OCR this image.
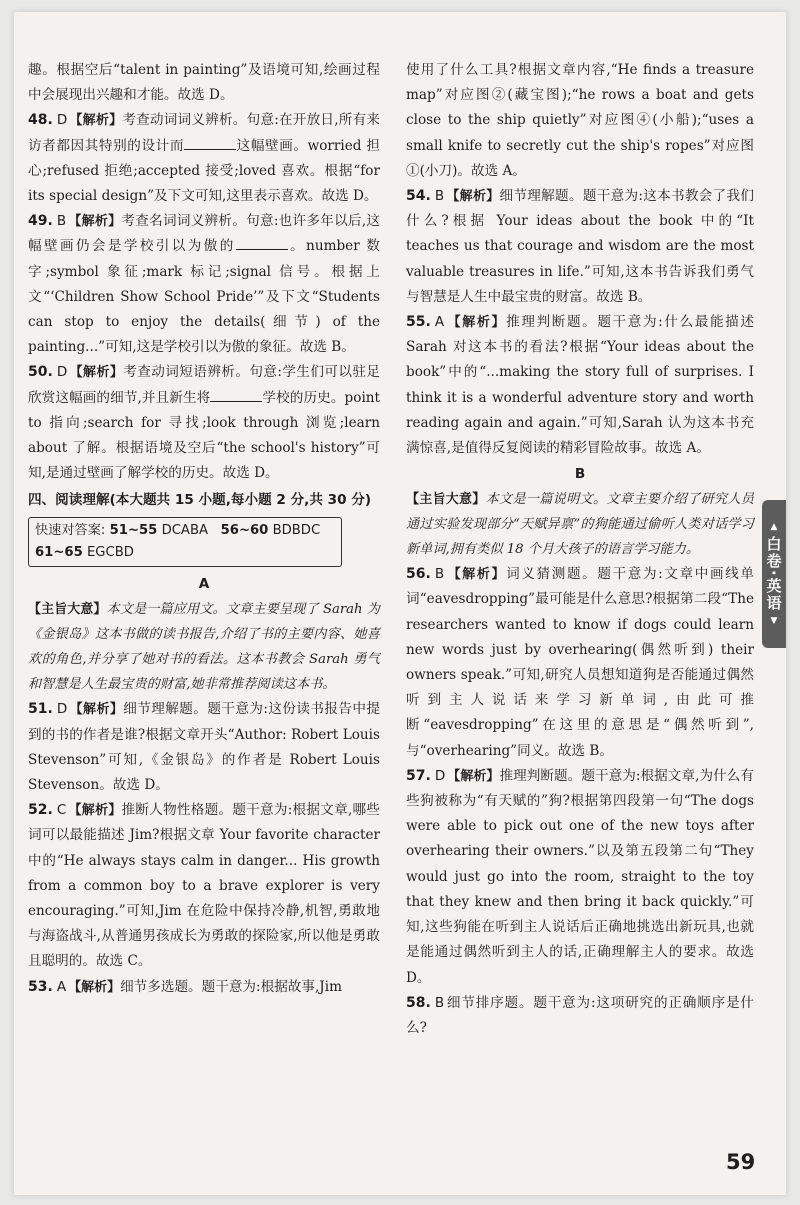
趣。根据空后“talent in painting”及语境可知,绘画过程中会展现出兴趣和才能。故选 D。

48. D 【解析】考查动词词义辨析。句意:在开放日,所有来访者都因其特别的设计而	这幅壁画。worried 担心;refused 拒绝;accepted 接受;loved 喜欢。根据“for its special design”及下文可知,这里表示喜欢。故选 D。

49. B 【解析】考查名词词义辨析。句意:也许多年以后,这幅壁画仍会是学校引以为傲的	。number 数字;symbol 象征;mark 标记;signal 信号。根据上文“‘Children Show School Pride’”及下文“Students can stop to enjoy the details(细节) of the painting...”可知,这是学校引以为傲的象征。故选 B。

50. D 【解析】考查动词短语辨析。句意:学生们可以驻足欣赏这幅画的细节,并且新生将	学校的历史。point to 指向;search for 寻找;look through 浏览;learn about 了解。根据语境及空后“the school's history”可知,是通过壁画了解学校的历史。故选 D。

四、阅读理解(本大题共 15 小题,每小题 2 分,共 30 分)

快速对答案: 51~55 DCABA 56~60 BDBDC
61~65 EGCBD

A

【主旨大意】本文是一篇应用文。文章主要呈现了 Sarah 为《金银岛》这本书做的读书报告,介绍了书的主要内容、她喜欢的角色,并分享了她对书的看法。这本书教会 Sarah 勇气和智慧是人生最宝贵的财富,她非常推荐阅读这本书。

51. D 【解析】细节理解题。题干意为:这份读书报告中提到的书的作者是谁?根据文章开头“Author: Robert Louis Stevenson”可知,《金银岛》的作者是 Robert Louis Stevenson。故选 D。

52. C 【解析】推断人物性格题。题干意为:根据文章,哪些词可以最能描述 Jim?根据文章 Your favorite character 中的“He always stays calm in danger... His growth from a common boy to a brave explorer is very encouraging.”可知,Jim 在危险中保持冷静,机智,勇敢地与海盗战斗,从普通男孩成长为勇敢的探险家,所以他是勇敢且聪明的。故选 C。

53. A 【解析】细节多选题。题干意为:根据故事,Jim

使用了什么工具?根据文章内容,“He finds a treasure map”对应图②(藏宝图);“he rows a boat and gets close to the ship quietly”对应图④(小船);“uses a small knife to secretly cut the ship's ropes”对应图①(小刀)。故选 A。

54. B 【解析】细节理解题。题干意为:这本书教会了我们什么?根据 Your ideas about the book 中的“It teaches us that courage and wisdom are the most valuable treasures in life.”可知,这本书告诉我们勇气与智慧是人生中最宝贵的财富。故选 B。

55. A 【解析】推理判断题。题干意为:什么最能描述 Sarah 对这本书的看法?根据“Your ideas about the book”中的“...making the story full of surprises. I think it is a wonderful adventure story and worth reading again and again.”可知,Sarah 认为这本书充满惊喜,是值得反复阅读的精彩冒险故事。故选 A。

B

【主旨大意】本文是一篇说明文。文章主要介绍了研究人员通过实验发现部分“天赋异禀”的狗能通过偷听人类对话学习新单词,拥有类似 18 个月大孩子的语言学习能力。

56. B 【解析】词义猜测题。题干意为:文章中画线单词“eavesdropping”最可能是什么意思?根据第二段“The researchers wanted to know if dogs could learn new words just by overhearing(偶然听到) their owners speak.”可知,研究人员想知道狗是否能通过偶然听到主人说话来学习新单词,由此可推断“eavesdropping”在这里的意思是“偶然听到”,与“overhearing”同义。故选 B。

57. D 【解析】推理判断题。题干意为:根据文章,为什么有些狗被称为“有天赋的”狗?根据第四段第一句“The dogs were able to pick out one of the new toys after overhearing their owners.”以及第五段第二句“They would just go into the room, straight to the toy that they knew and then bring it back quickly.”可知,这些狗能在听到主人说话后正确地挑选出新玩具,也就是能通过偶然听到主人的话,正确理解主人的要求。故选 D。

58. B 细节排序题。题干意为:这项研究的正确顺序是什么?

▲
白卷·英语
▼
59
